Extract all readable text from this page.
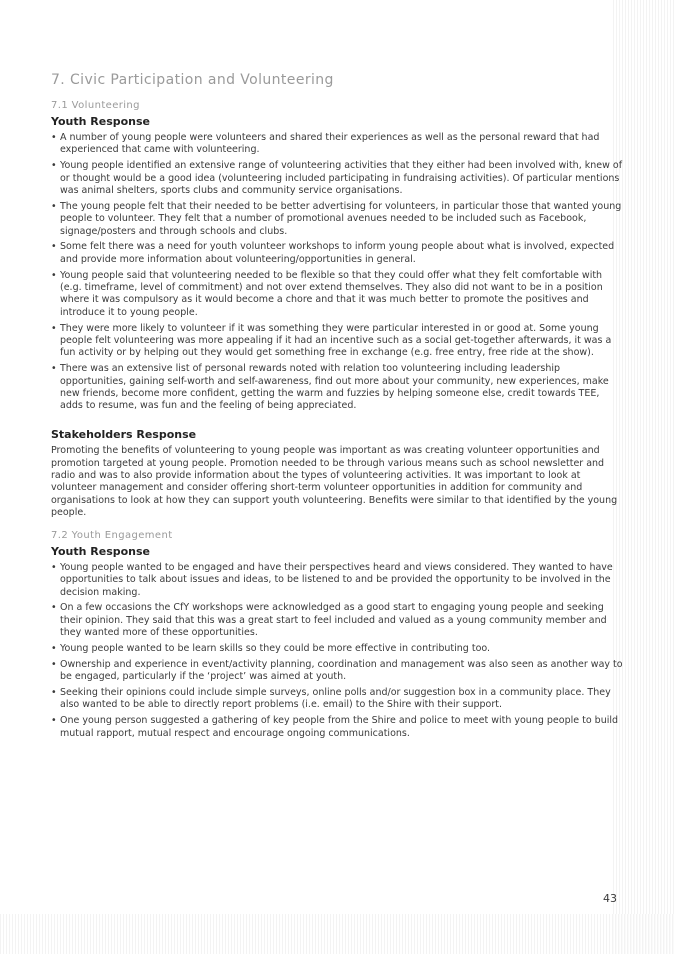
7. Civic Participation and Volunteering
7.1 Volunteering
Youth Response
• A number of young people were volunteers and shared their experiences as well as the personal reward that had experienced that came with volunteering.
• Young people identified an extensive range of volunteering activities that they either had been involved with, knew of or thought would be a good idea (volunteering included participating in fundraising activities). Of particular mentions was animal shelters, sports clubs and community service organisations.
• The young people felt that their needed to be better advertising for volunteers, in particular those that wanted young people to volunteer. They felt that a number of promotional avenues needed to be included such as Facebook, signage/posters and through schools and clubs.
• Some felt there was a need for youth volunteer workshops to inform young people about what is involved, expected and provide more information about volunteering/opportunities in general.
• Young people said that volunteering needed to be flexible so that they could offer what they felt comfortable with (e.g. timeframe, level of commitment) and not over extend themselves. They also did not want to be in a position where it was compulsory as it would become a chore and that it was much better to promote the positives and introduce it to young people.
• They were more likely to volunteer if it was something they were particular interested in or good at. Some young people felt volunteering was more appealing if it had an incentive such as a social get-together afterwards, it was a fun activity or by helping out they would get something free in exchange (e.g. free entry, free ride at the show).
• There was an extensive list of personal rewards noted with relation too volunteering including leadership opportunities, gaining self-worth and self-awareness, find out more about your community, new experiences, make new friends, become more confident, getting the warm and fuzzies by helping someone else, credit towards TEE, adds to resume, was fun and the feeling of being appreciated.
Stakeholders Response

Promoting the benefits of volunteering to young people was important as was creating volunteer opportunities and promotion targeted at young people. Promotion needed to be through various means such as school newsletter and radio and was to also provide information about the types of volunteering activities. It was important to look at volunteer management and consider offering short-term volunteer opportunities in addition for community and organisations to look at how they can support youth volunteering. Benefits were similar to that identified by the young people.

7.2 Youth Engagement
Youth Response
• Young people wanted to be engaged and have their perspectives heard and views considered. They wanted to have opportunities to talk about issues and ideas, to be listened to and be provided the opportunity to be involved in the decision making.
• On a few occasions the CfY workshops were acknowledged as a good start to engaging young people and seeking their opinion. They said that this was a great start to feel included and valued as a young community member and they wanted more of these opportunities.
• Young people wanted to be learn skills so they could be more effective in contributing too.
• Ownership and experience in event/activity planning, coordination and management was also seen as another way to be engaged, particularly if the ‘project’ was aimed at youth.
• Seeking their opinions could include simple surveys, online polls and/or suggestion box in a community place. They also wanted to be able to directly report problems (i.e. email) to the Shire with their support.
• One young person suggested a gathering of key people from the Shire and police to meet with young people to build mutual rapport, mutual respect and encourage ongoing communications.
43
